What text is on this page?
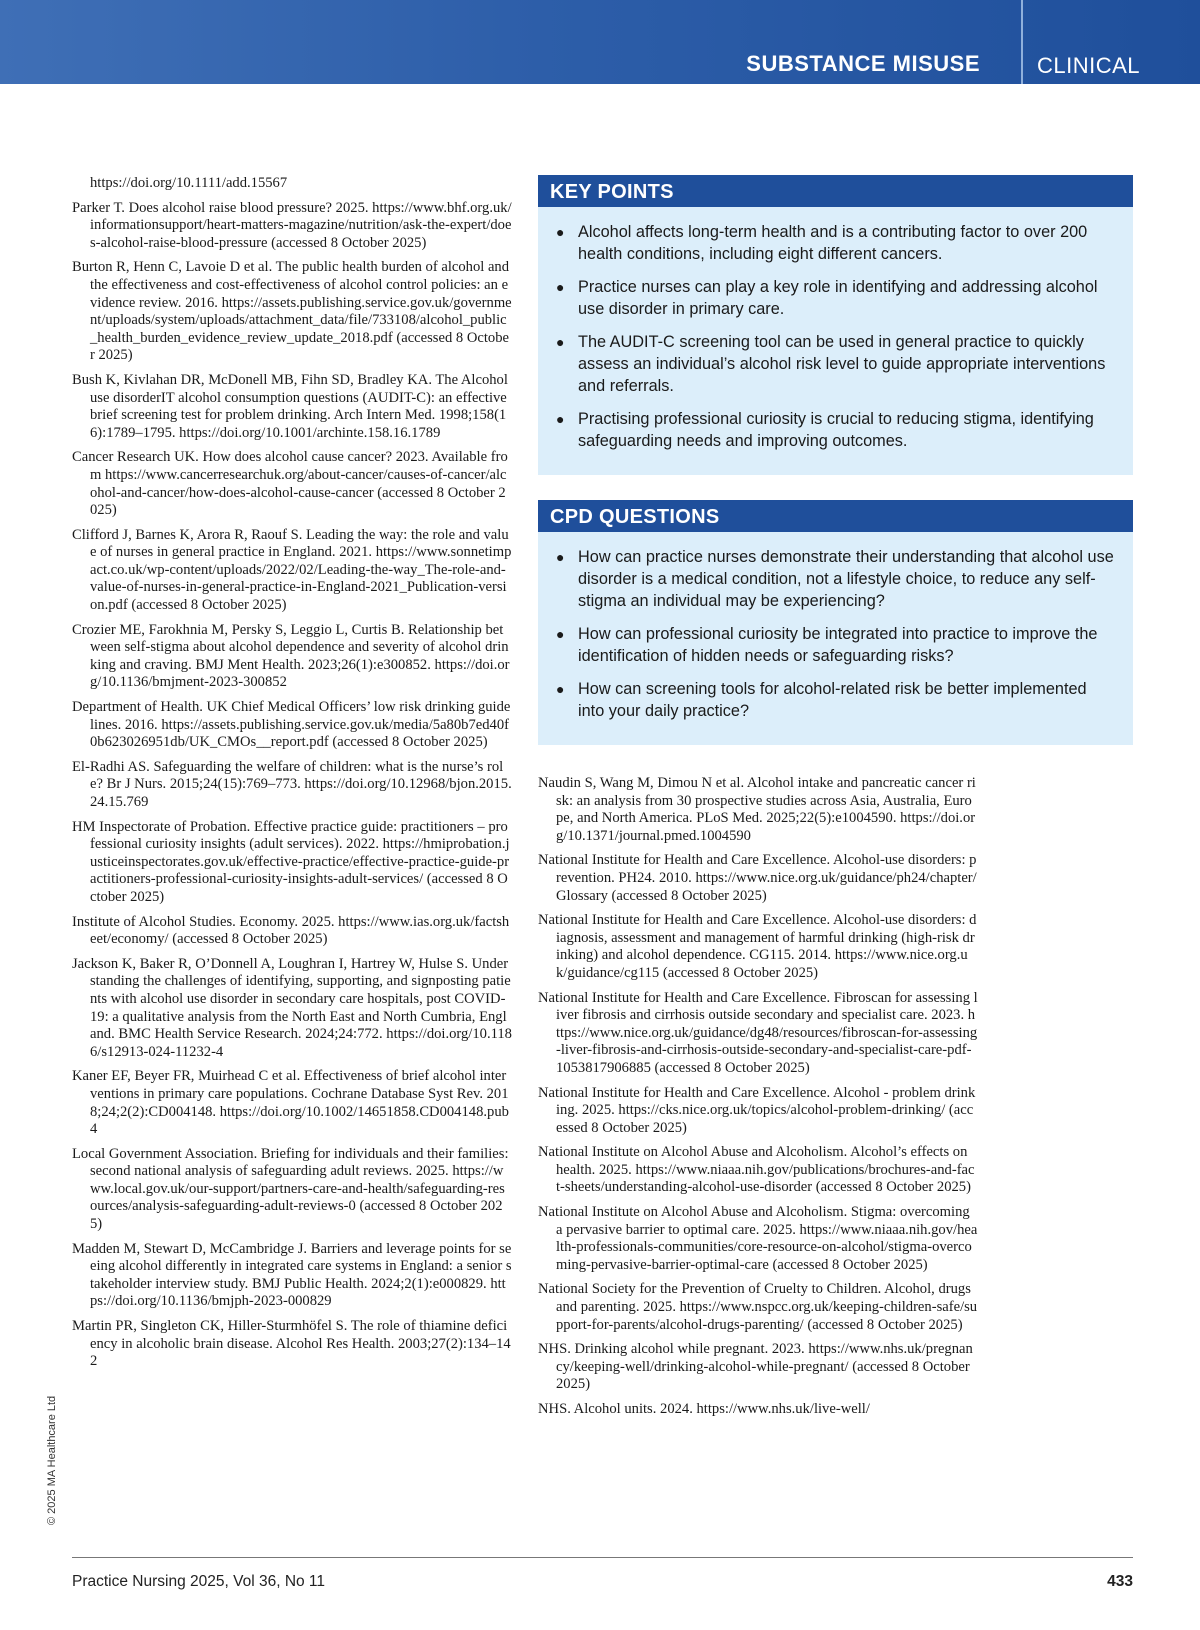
SUBSTANCE MISUSE	CLINICAL
© 2025 MA Healthcare Ltd
https://doi.org/10.1111/add.15567
Parker T. Does alcohol raise blood pressure? 2025. https://www.bhf.org.uk/informationsupport/heart-matters-magazine/nutrition/ask-the-expert/does-alcohol-raise-blood-pressure (accessed 8 October 2025)
Burton R, Henn C, Lavoie D et al. The public health burden of alcohol and the effectiveness and cost-effectiveness of alcohol control policies: an evidence review. 2016. https://assets.publishing.service.gov.uk/government/uploads/system/uploads/attachment_data/file/733108/alcohol_public_health_burden_evidence_review_update_2018.pdf (accessed 8 October 2025)
Bush K, Kivlahan DR, McDonell MB, Fihn SD, Bradley KA. The Alcohol use disorderIT alcohol consumption questions (AUDIT-C): an effective brief screening test for problem drinking. Arch Intern Med. 1998;158(16):1789–1795. https://doi.org/10.1001/archinte.158.16.1789
Cancer Research UK. How does alcohol cause cancer? 2023. Available from https://www.cancerresearchuk.org/about-cancer/causes-of-cancer/alcohol-and-cancer/how-does-alcohol-cause-cancer (accessed 8 October 2025)
Clifford J, Barnes K, Arora R, Raouf S. Leading the way: the role and value of nurses in general practice in England. 2021. https://www.sonnetimpact.co.uk/wp-content/uploads/2022/02/Leading-the-way_The-role-and-value-of-nurses-in-general-practice-in-England-2021_Publication-version.pdf (accessed 8 October 2025)
Crozier ME, Farokhnia M, Persky S, Leggio L, Curtis B. Relationship between self-stigma about alcohol dependence and severity of alcohol drinking and craving. BMJ Ment Health. 2023;26(1):e300852. https://doi.org/10.1136/bmjment-2023-300852
Department of Health. UK Chief Medical Officers’ low risk drinking guidelines. 2016. https://assets.publishing.service.gov.uk/media/5a80b7ed40f0b623026951db/UK_CMOs__report.pdf (accessed 8 October 2025)
El-Radhi AS. Safeguarding the welfare of children: what is the nurse’s role? Br J Nurs. 2015;24(15):769–773. https://doi.org/10.12968/bjon.2015.24.15.769
HM Inspectorate of Probation. Effective practice guide: practitioners – professional curiosity insights (adult services). 2022. https://hmiprobation.justiceinspectorates.gov.uk/effective-practice/effective-practice-guide-practitioners-professional-curiosity-insights-adult-services/ (accessed 8 October 2025)
Institute of Alcohol Studies. Economy. 2025. https://www.ias.org.uk/factsheet/economy/ (accessed 8 October 2025)
Jackson K, Baker R, O’Donnell A, Loughran I, Hartrey W, Hulse S. Understanding the challenges of identifying, supporting, and signposting patients with alcohol use disorder in secondary care hospitals, post COVID-19: a qualitative analysis from the North East and North Cumbria, England. BMC Health Service Research. 2024;24:772. https://doi.org/10.1186/s12913-024-11232-4
Kaner EF, Beyer FR, Muirhead C et al. Effectiveness of brief alcohol interventions in primary care populations. Cochrane Database Syst Rev. 2018;24;2(2):CD004148. https://doi.org/10.1002/14651858.CD004148.pub4
Local Government Association. Briefing for individuals and their families: second national analysis of safeguarding adult reviews. 2025. https://www.local.gov.uk/our-support/partners-care-and-health/safeguarding-resources/analysis-safeguarding-adult-reviews-0 (accessed 8 October 2025)
Madden M, Stewart D, McCambridge J. Barriers and leverage points for seeing alcohol differently in integrated care systems in England: a senior stakeholder interview study. BMJ Public Health. 2024;2(1):e000829. https://doi.org/10.1136/bmjph-2023-000829
Martin PR, Singleton CK, Hiller-Sturmhöfel S. The role of thiamine deficiency in alcoholic brain disease. Alcohol Res Health. 2003;27(2):134–142
KEY POINTS
● Alcohol affects long-term health and is a contributing factor to over 200 health conditions, including eight different cancers.
● Practice nurses can play a key role in identifying and addressing alcohol use disorder in primary care.
● The AUDIT-C screening tool can be used in general practice to quickly assess an individual’s alcohol risk level to guide appropriate interventions and referrals.
● Practising professional curiosity is crucial to reducing stigma, identifying safeguarding needs and improving outcomes.
CPD QUESTIONS
● How can practice nurses demonstrate their understanding that alcohol use disorder is a medical condition, not a lifestyle choice, to reduce any self-stigma an individual may be experiencing?
● How can professional curiosity be integrated into practice to improve the identification of hidden needs or safeguarding risks?
● How can screening tools for alcohol-related risk be better implemented into your daily practice?
Naudin S, Wang M, Dimou N et al. Alcohol intake and pancreatic cancer risk: an analysis from 30 prospective studies across Asia, Australia, Europe, and North America. PLoS Med. 2025;22(5):e1004590. https://doi.org/10.1371/journal.pmed.1004590
National Institute for Health and Care Excellence. Alcohol-use disorders: prevention. PH24. 2010. https://www.nice.org.uk/guidance/ph24/chapter/Glossary (accessed 8 October 2025)
National Institute for Health and Care Excellence. Alcohol-use disorders: diagnosis, assessment and management of harmful drinking (high-risk drinking) and alcohol dependence. CG115. 2014. https://www.nice.org.uk/guidance/cg115 (accessed 8 October 2025)
National Institute for Health and Care Excellence. Fibroscan for assessing liver fibrosis and cirrhosis outside secondary and specialist care. 2023. https://www.nice.org.uk/guidance/dg48/resources/fibroscan-for-assessing-liver-fibrosis-and-cirrhosis-outside-secondary-and-specialist-care-pdf-1053817906885 (accessed 8 October 2025)
National Institute for Health and Care Excellence. Alcohol - problem drinking. 2025. https://cks.nice.org.uk/topics/alcohol-problem-drinking/ (accessed 8 October 2025)
National Institute on Alcohol Abuse and Alcoholism. Alcohol’s effects on health. 2025. https://www.niaaa.nih.gov/publications/brochures-and-fact-sheets/understanding-alcohol-use-disorder (accessed 8 October 2025)
National Institute on Alcohol Abuse and Alcoholism. Stigma: overcoming a pervasive barrier to optimal care. 2025. https://www.niaaa.nih.gov/health-professionals-communities/core-resource-on-alcohol/stigma-overcoming-pervasive-barrier-optimal-care (accessed 8 October 2025)
National Society for the Prevention of Cruelty to Children. Alcohol, drugs and parenting. 2025. https://www.nspcc.org.uk/keeping-children-safe/support-for-parents/alcohol-drugs-parenting/ (accessed 8 October 2025)
NHS. Drinking alcohol while pregnant. 2023. https://www.nhs.uk/pregnancy/keeping-well/drinking-alcohol-while-pregnant/ (accessed 8 October 2025)
NHS. Alcohol units. 2024. https://www.nhs.uk/live-well/
Practice Nursing 2025, Vol 36, No 11	433
